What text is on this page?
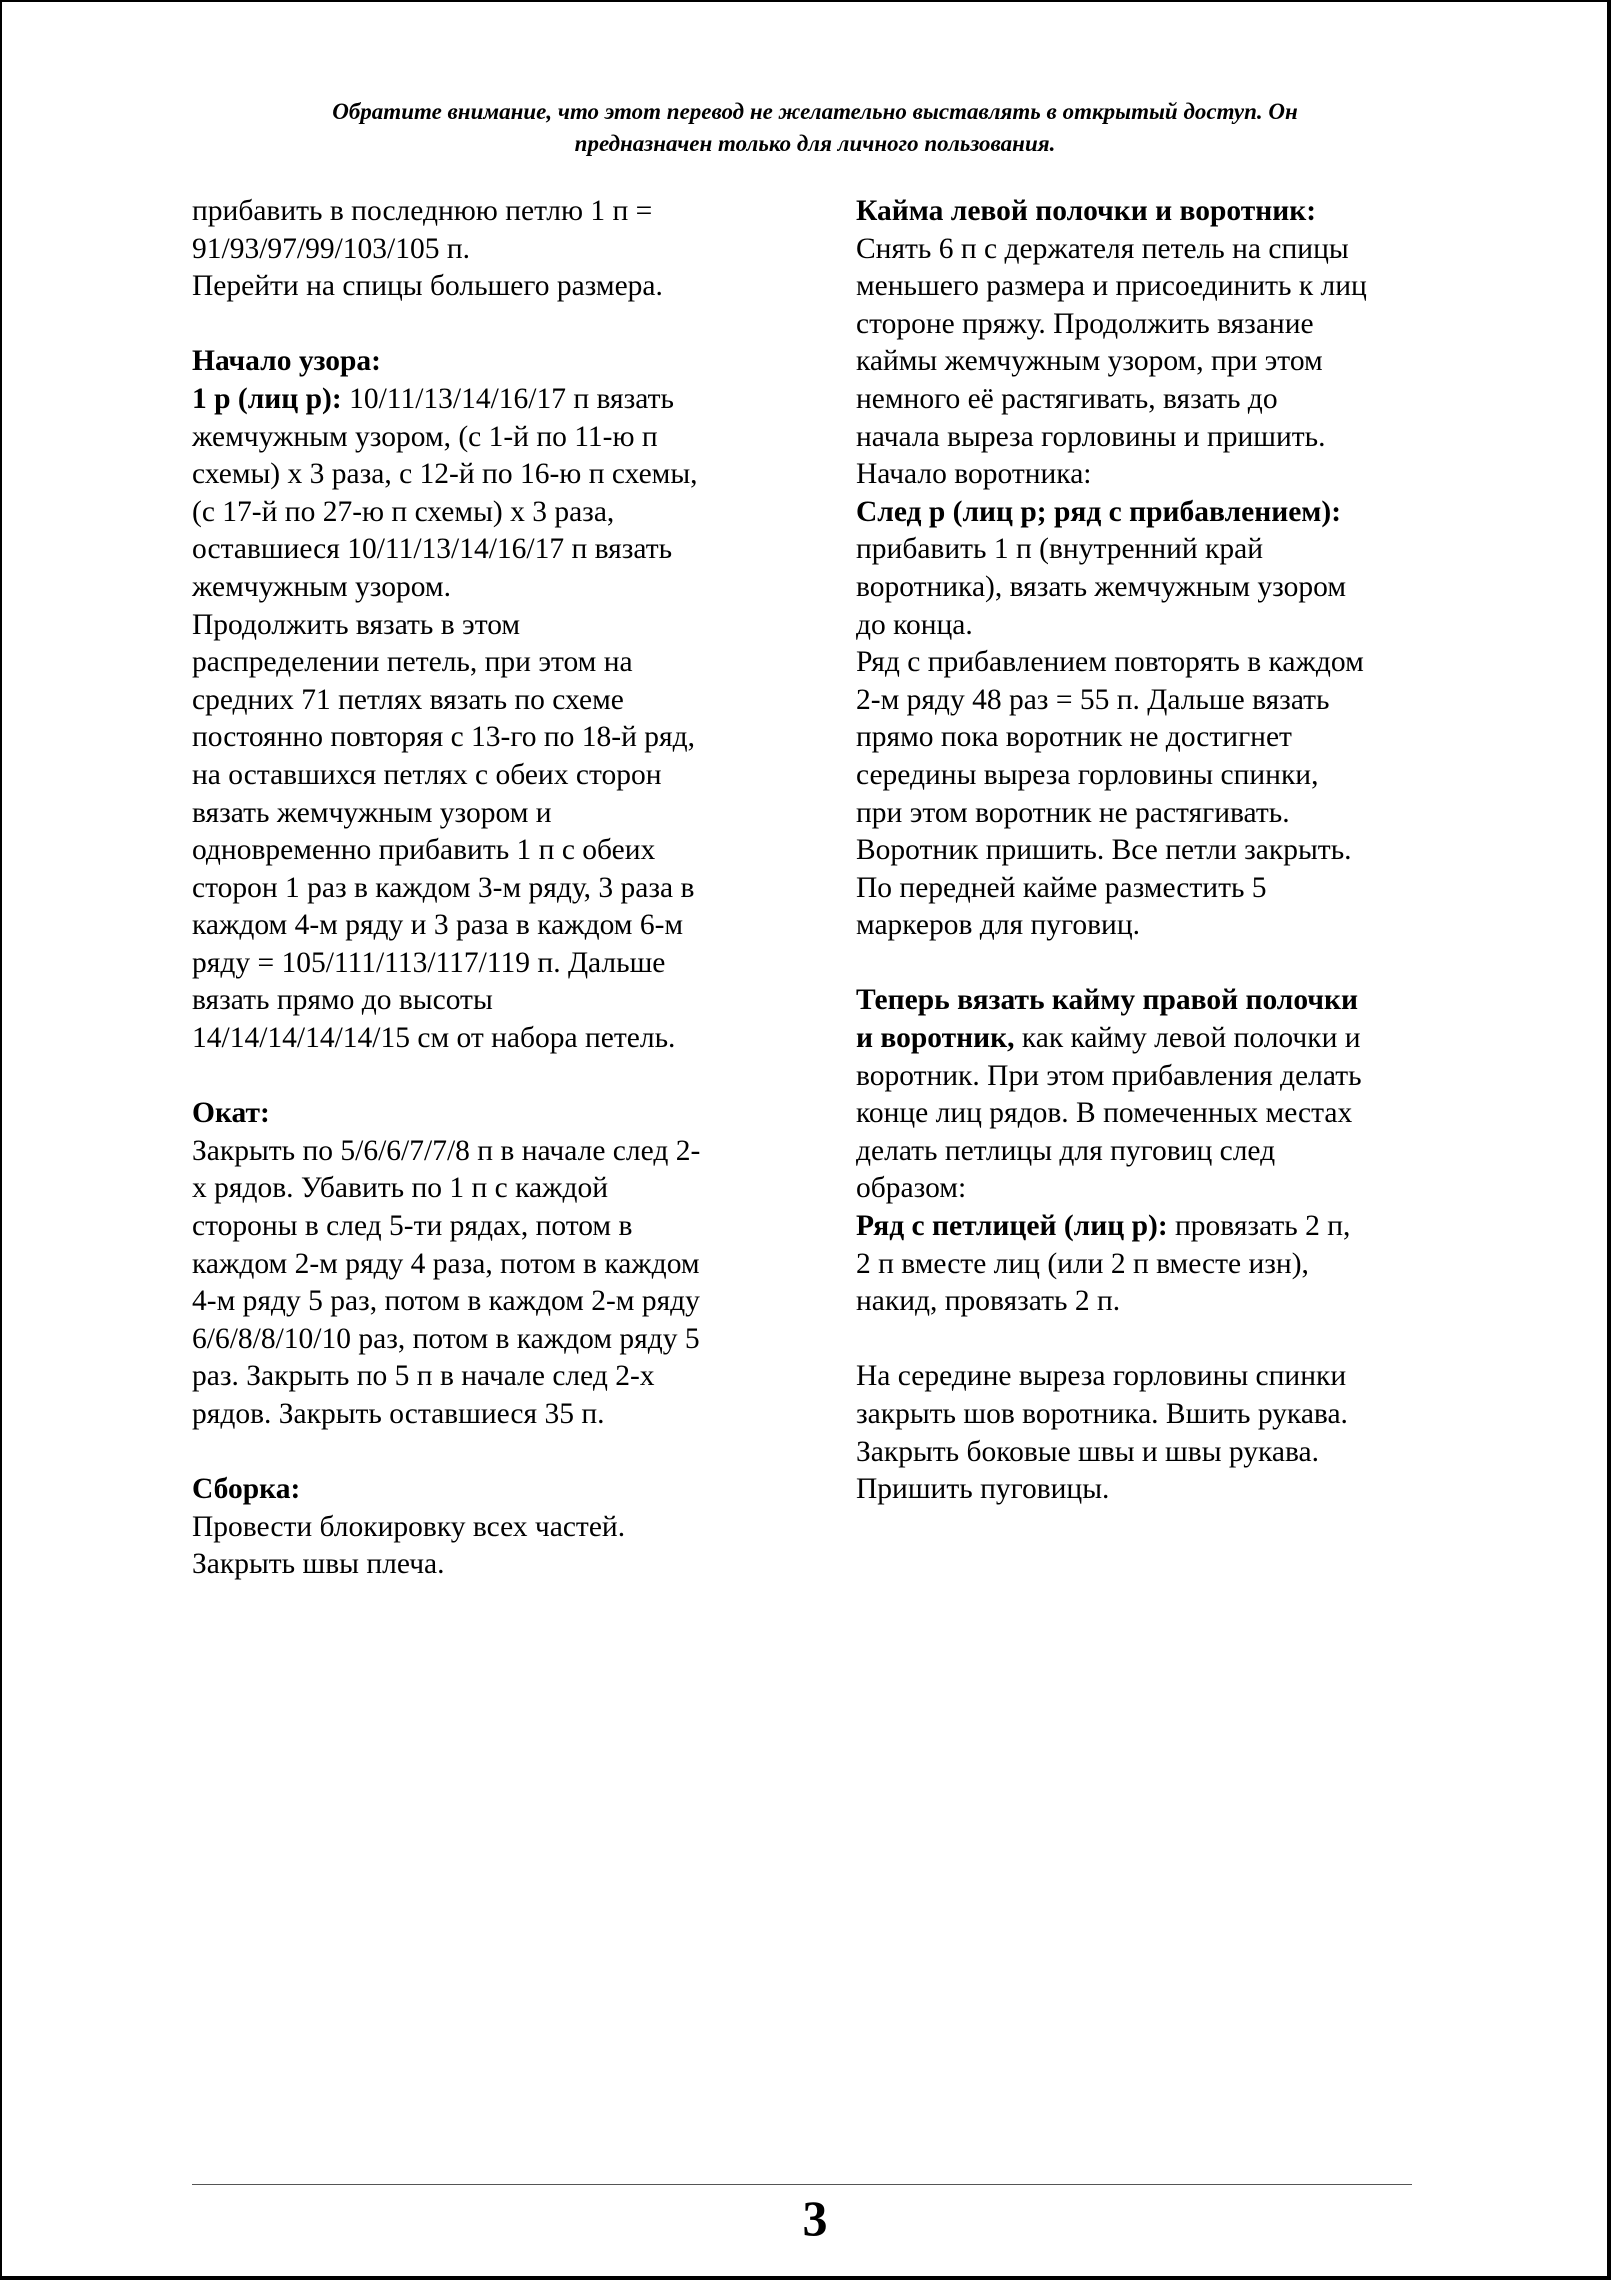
Обратите внимание, что этот перевод не желательно выставлять в открытый доступ. Он
предназначен только для личного пользования.
прибавить в последнюю петлю 1 п =
91/93/97/99/103/105 п.
Перейти на спицы большего размера.
Начало узора:
1 р (лиц р): 10/11/13/14/16/17 п вязать
жемчужным узором, (с 1-й по 11-ю п
схемы) х 3 раза, с 12-й по 16-ю п схемы,
(с 17-й по 27-ю п схемы) х 3 раза,
оставшиеся 10/11/13/14/16/17 п вязать
жемчужным узором.
Продолжить вязать в этом
распределении петель, при этом на
средних 71 петлях вязать по схеме
постоянно повторяя с 13-го по 18-й ряд,
на оставшихся петлях с обеих сторон
вязать жемчужным узором и
одновременно прибавить 1 п с обеих
сторон 1 раз в каждом 3-м ряду, 3 раза в
каждом 4-м ряду и 3 раза в каждом 6-м
ряду = 105/111/113/117/119 п. Дальше
вязать прямо до высоты
14/14/14/14/14/15 см от набора петель.
Окат:
Закрыть по 5/6/6/7/7/8 п в начале след 2-
х рядов. Убавить по 1 п с каждой
стороны в след 5-ти рядах, потом в
каждом 2-м ряду 4 раза, потом в каждом
4-м ряду 5 раз, потом в каждом 2-м ряду
6/6/8/8/10/10 раз, потом в каждом ряду 5
раз. Закрыть по 5 п в начале след 2-х
рядов. Закрыть оставшиеся 35 п.
Сборка:
Провести блокировку всех частей.
Закрыть швы плеча.
Кайма левой полочки и воротник:
Снять 6 п с держателя петель на спицы
меньшего размера и присоединить к лиц
стороне пряжу. Продолжить вязание
каймы жемчужным узором, при этом
немного её растягивать, вязать до
начала выреза горловины и пришить.
Начало воротника:
След р (лиц р; ряд с прибавлением):
прибавить 1 п (внутренний край
воротника), вязать жемчужным узором
до конца.
Ряд с прибавлением повторять в каждом
2-м ряду 48 раз = 55 п. Дальше вязать
прямо пока воротник не достигнет
середины выреза горловины спинки,
при этом воротник не растягивать.
Воротник пришить. Все петли закрыть.
По передней кайме разместить 5
маркеров для пуговиц.
Теперь вязать кайму правой полочки
и воротник, как кайму левой полочки и
воротник. При этом прибавления делать
конце лиц рядов. В помеченных местах
делать петлицы для пуговиц след
образом:
Ряд с петлицей (лиц р): провязать 2 п,
2 п вместе лиц (или 2 п вместе изн),
накид, провязать 2 п.
На середине выреза горловины спинки
закрыть шов воротника. Вшить рукава.
Закрыть боковые швы и швы рукава.
Пришить пуговицы.
3
